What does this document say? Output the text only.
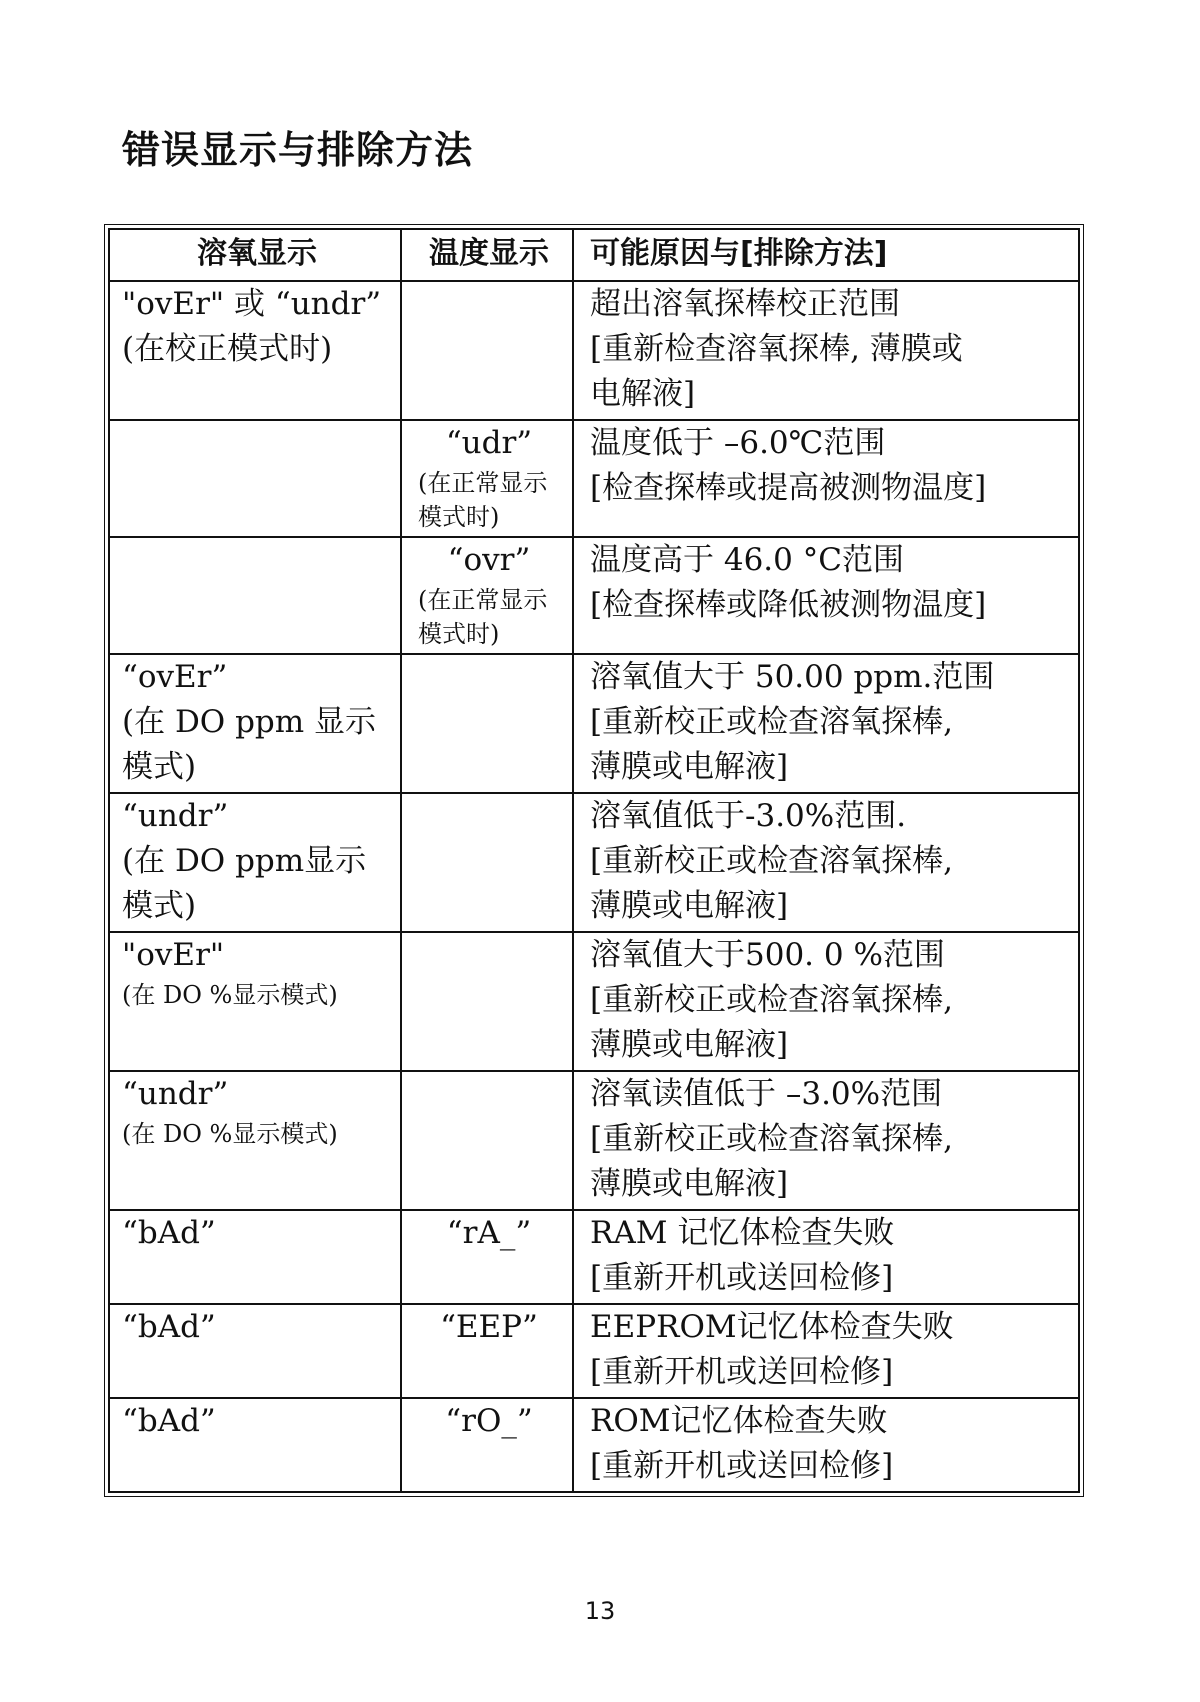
错误显示与排除方法
溶氧显示	温度显示	可能原因与[排除方法]

"ovEr" 或 “undr”
(在校正模式时)		超出溶氧探棒校正范围
[重新检查溶氧探棒, 薄膜或
电解液]

	“udr”
(在正常显示
模式时)	温度低于 –6.0℃范围
[检查探棒或提高被测物温度]

	“ovr”
(在正常显示
模式时)	温度高于 46.0 °C范围
[检查探棒或降低被测物温度]

“ovEr”
(在 DO ppm 显示
模式)		溶氧值大于 50.00 ppm.范围
[重新校正或检查溶氧探棒,
薄膜或电解液]

“undr”
(在 DO ppm显示
模式)		溶氧值低于-3.0%范围.
[重新校正或检查溶氧探棒,
薄膜或电解液]

"ovEr"
(在 DO %显示模式)		溶氧值大于500. 0 %范围
[重新校正或检查溶氧探棒,
薄膜或电解液]

“undr”
(在 DO %显示模式)		溶氧读值低于 –3.0%范围
[重新校正或检查溶氧探棒,
薄膜或电解液]

“bAd”	“rA_”	RAM 记忆体检查失败
[重新开机或送回检修]

“bAd”	“EEP”	EEPROM记忆体检查失败
[重新开机或送回检修]

“bAd”	“rO_”	ROM记忆体检查失败
[重新开机或送回检修]
13
